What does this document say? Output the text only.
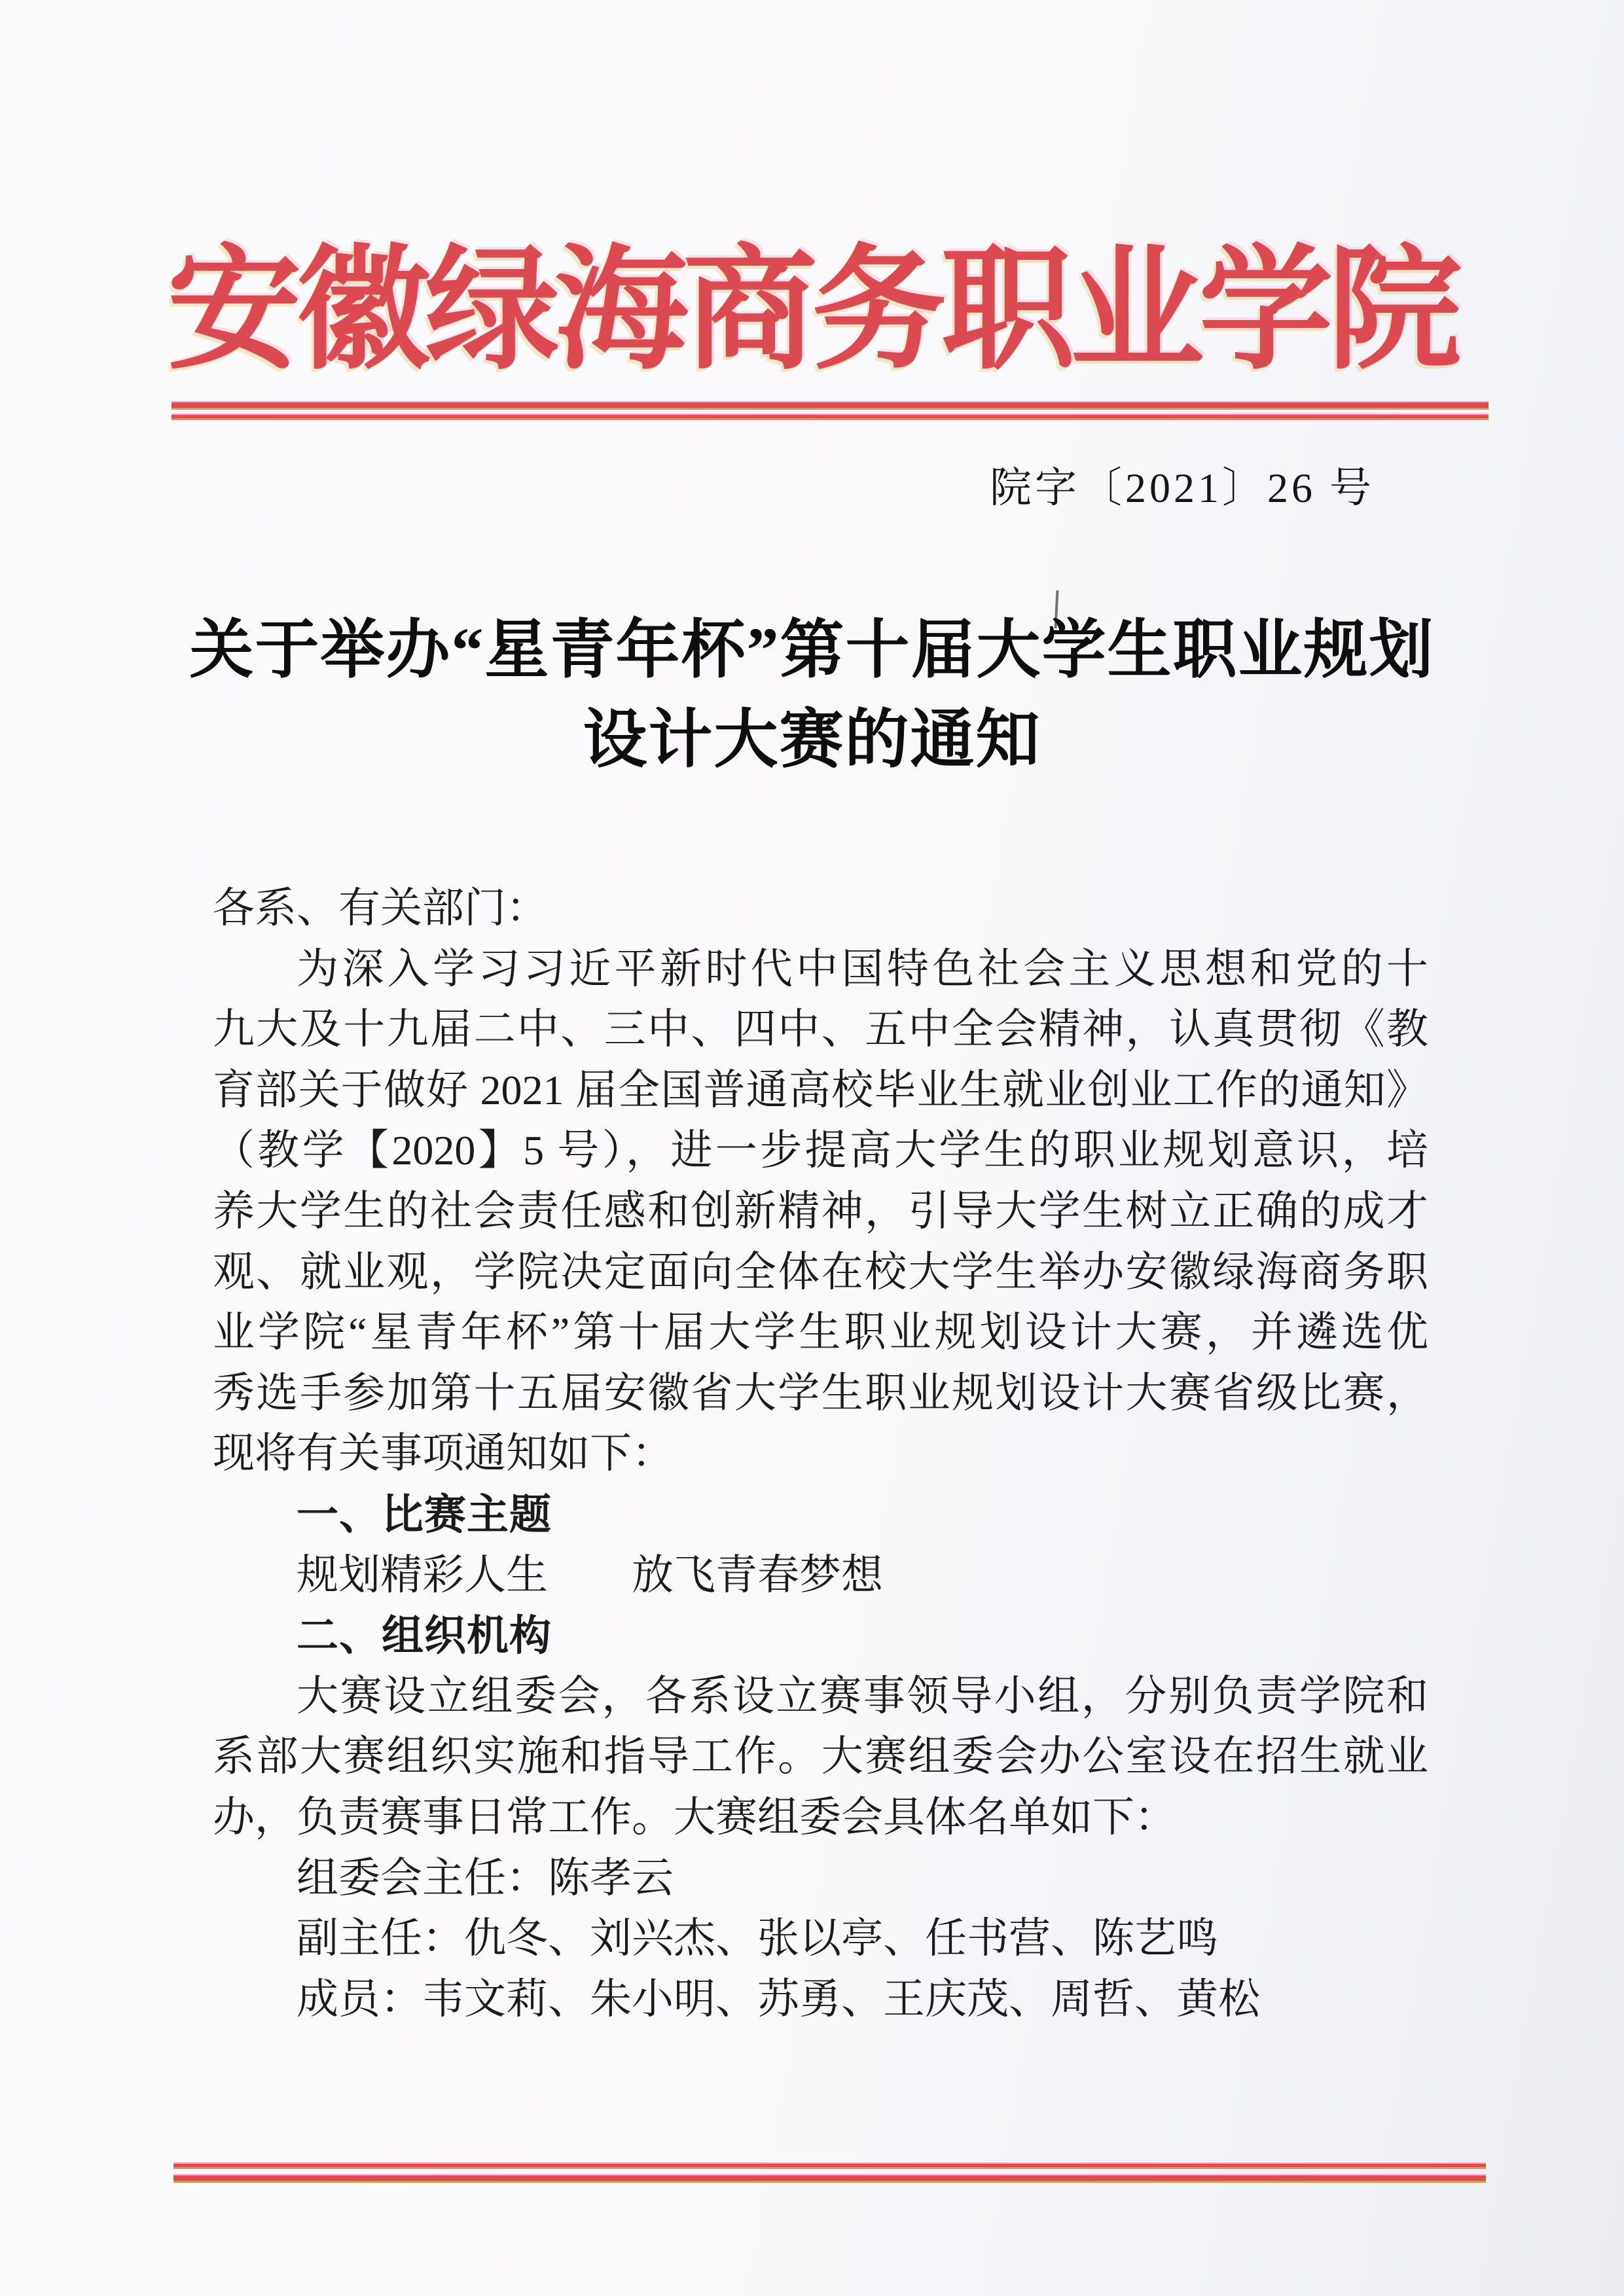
安徽绿海商务职业学院
院字〔2021〕26 号
关于举办“星青年杯”第十届大学生职业规划
设计大赛的通知
各系、有关部门：
为深入学习习近平新时代中国特色社会主义思想和党的十
九大及十九届二中、三中、四中、五中全会精神，认真贯彻《教
育部关于做好 2021 届全国普通高校毕业生就业创业工作的通知》
（教学【2020】5 号），进一步提高大学生的职业规划意识，培
养大学生的社会责任感和创新精神，引导大学生树立正确的成才
观、就业观，学院决定面向全体在校大学生举办安徽绿海商务职
业学院“星青年杯”第十届大学生职业规划设计大赛，并遴选优
秀选手参加第十五届安徽省大学生职业规划设计大赛省级比赛，
现将有关事项通知如下：
一、比赛主题
规划精彩人生　　放飞青春梦想
二、组织机构
大赛设立组委会，各系设立赛事领导小组，分别负责学院和
系部大赛组织实施和指导工作。大赛组委会办公室设在招生就业
办，负责赛事日常工作。大赛组委会具体名单如下：
组委会主任：陈孝云
副主任：仇冬、刘兴杰、张以亭、任书营、陈艺鸣
成员：韦文莉、朱小明、苏勇、王庆茂、周哲、黄松
